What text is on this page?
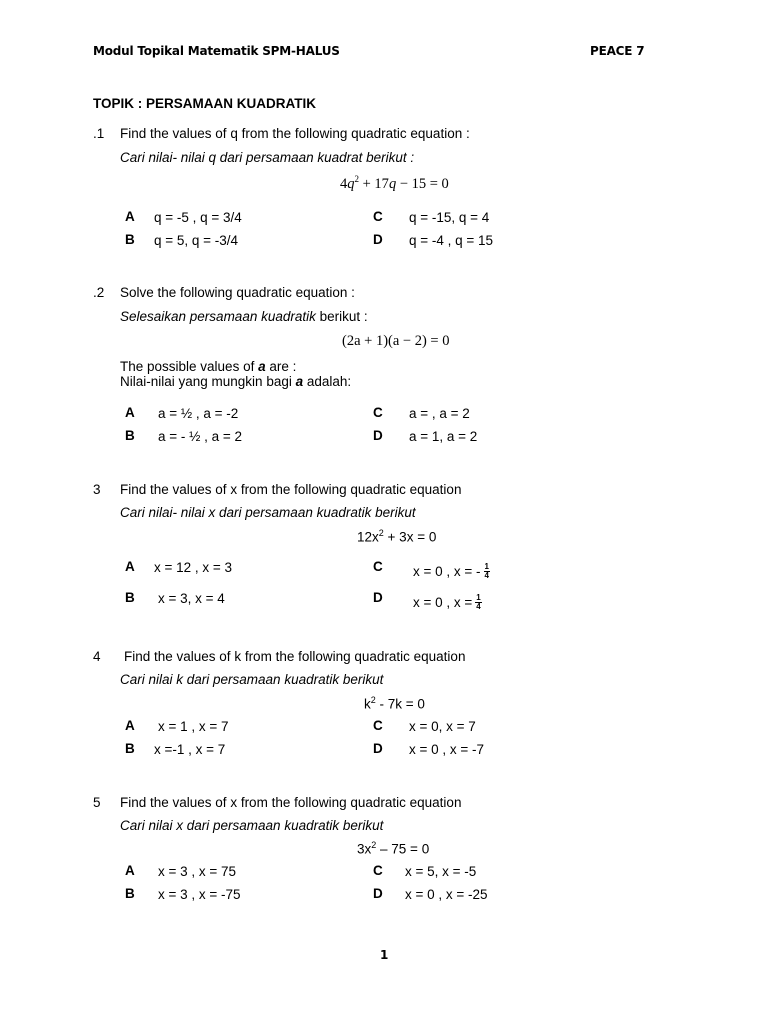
Modul Topikal Matematik SPM-HALUS	PEACE 7
TOPIK : PERSAMAAN KUADRATIK
.1 Find the values of q from the following quadratic equation :
Cari nilai- nilai q dari persamaan kuadrat berikut :
$4q^2 + 17q - 15 = 0$
A q = -5 , q = 3/4
B q = 5, q = -3/4
C q = -15, q = 4
D q = -4 , q = 15
.2 Solve the following quadratic equation :
Selesaikan persamaan kuadratik berikut :
(2a + 1)(a − 2) = 0
The possible values of a are :
Nilai-nilai yang mungkin bagi a adalah:
A a = ½ , a = -2
B a = - ½ , a = 2
C a = , a = 2
D a = 1, a = 2
3 Find the values of x from the following quadratic equation
Cari nilai- nilai x dari persamaan kuadratik berikut
$12x^2 + 3x = 0$
A x = 12 , x = 3
B x = 3, x = 4
C x = 0 , x = - $\frac{1}{4}$
D x = 0 , $x = \frac{1}{4}$
4 Find the values of k from the following quadratic equation
Cari nilai k dari persamaan kuadratik berikut
$k^2 - 7k = 0$
A x = 1 , x = 7
B x =-1 , x = 7
C x = 0, x = 7
D x = 0 , x = -7
5 Find the values of x from the following quadratic equation
Cari nilai x dari persamaan kuadratik berikut
$3x^2 - 75 = 0$
A x = 3 , x = 75
B x = 3 , x = -75
C x = 5, x = -5
D x = 0 , x = -25
1
